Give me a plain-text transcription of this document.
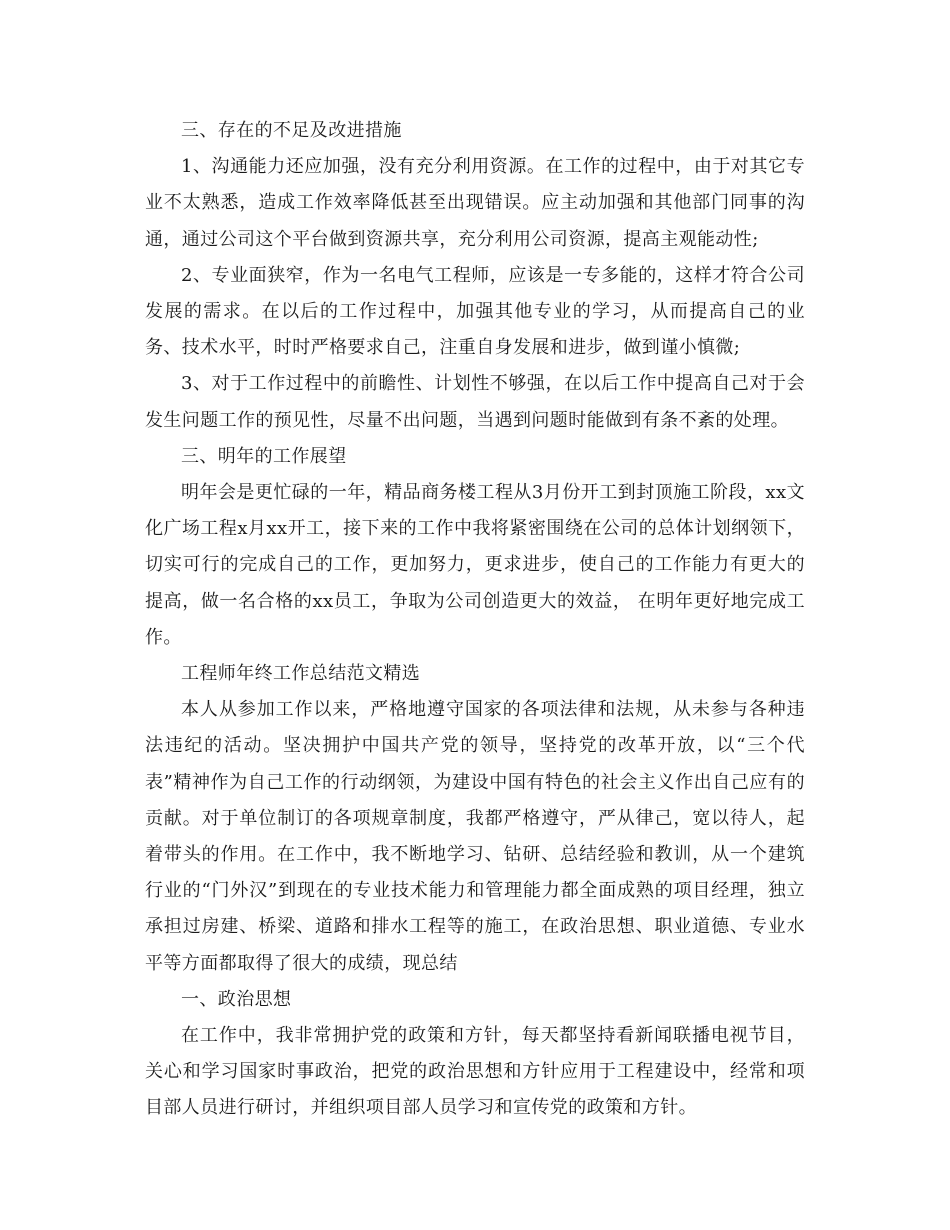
三、存在的不足及改进措施

1、沟通能力还应加强，没有充分利用资源。在工作的过程中，由于对其它专业不太熟悉，造成工作效率降低甚至出现错误。应主动加强和其他部门同事的沟通，通过公司这个平台做到资源共享，充分利用公司资源，提高主观能动性;

2、专业面狭窄，作为一名电气工程师，应该是一专多能的，这样才符合公司发展的需求。在以后的工作过程中，加强其他专业的学习，从而提高自己的业务、技术水平，时时严格要求自己，注重自身发展和进步，做到谨小慎微;

3、对于工作过程中的前瞻性、计划性不够强，在以后工作中提高自己对于会发生问题工作的预见性，尽量不出问题，当遇到问题时能做到有条不紊的处理。

三、明年的工作展望

明年会是更忙碌的一年，精品商务楼工程从3月份开工到封顶施工阶段，xx文化广场工程x月xx开工，接下来的工作中我将紧密围绕在公司的总体计划纲领下，切实可行的完成自己的工作，更加努力，更求进步，使自己的工作能力有更大的提高，做一名合格的xx员工，争取为公司创造更大的效益， 在明年更好地完成工作。

工程师年终工作总结范文精选

本人从参加工作以来，严格地遵守国家的各项法律和法规，从未参与各种违法违纪的活动。坚决拥护中国共产党的领导，坚持党的改革开放，以“三个代表”精神作为自己工作的行动纲领，为建设中国有特色的社会主义作出自己应有的贡献。对于单位制订的各项规章制度，我都严格遵守，严从律己，宽以待人，起着带头的作用。在工作中，我不断地学习、钻研、总结经验和教训，从一个建筑行业的“门外汉”到现在的专业技术能力和管理能力都全面成熟的项目经理，独立承担过房建、桥梁、道路和排水工程等的施工，在政治思想、职业道德、专业水平等方面都取得了很大的成绩，现总结

一、政治思想

在工作中，我非常拥护党的政策和方针，每天都坚持看新闻联播电视节目，关心和学习国家时事政治，把党的政治思想和方针应用于工程建设中，经常和项目部人员进行研讨，并组织项目部人员学习和宣传党的政策和方针。
